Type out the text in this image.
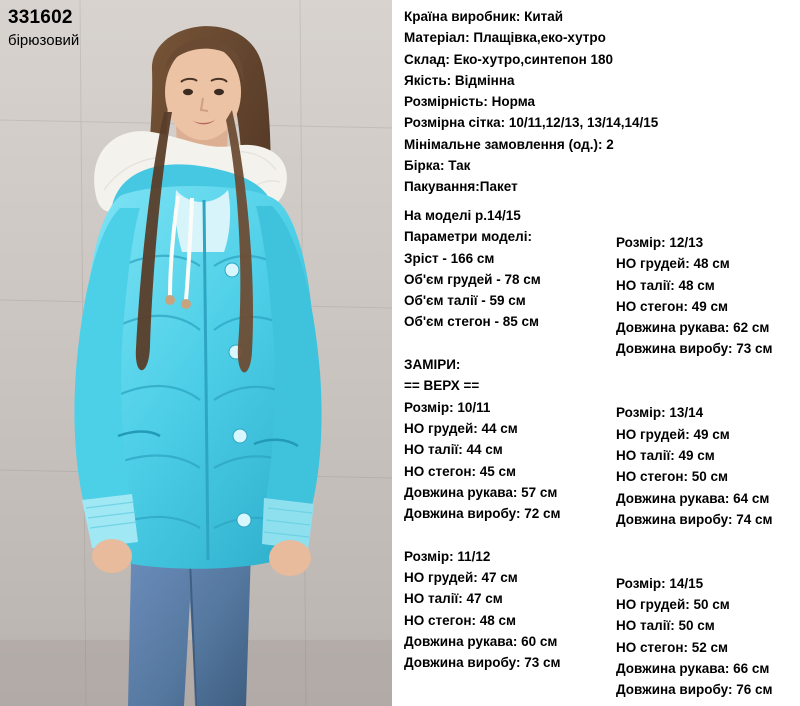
331602
бірюзовий
Країна виробник: Китай
Матеріал: Плащівка,еко-хутро
Склад: Еко-хутро,синтепон 180
Якість: Відмінна
Розмірність: Норма
Розмірна сітка: 10/11,12/13, 13/14,14/15
Мінімальне замовлення (од.): 2
Бірка: Так
Пакування:Пакет
На моделі р.14/15
Параметри моделі:
Зріст - 166 см
Об'єм грудей - 78 см
Об'єм талії - 59 см
Об'єм стегон - 85 см
ЗАМІРИ:
== ВЕРХ ==
Розмір: 10/11
НО грудей: 44 см
НО талії: 44 см
НО стегон: 45 см
Довжина рукава: 57 см
Довжина виробу: 72 см
Розмір: 11/12
НО грудей: 47 см
НО талії: 47 см
НО стегон: 48 см
Довжина рукава: 60 см
Довжина виробу: 73 см
Розмір: 12/13
НО грудей: 48 см
НО талії: 48 см
НО стегон: 49 см
Довжина рукава: 62 см
Довжина виробу: 73 см
Розмір: 13/14
НО грудей: 49 см
НО талії: 49 см
НО стегон: 50 см
Довжина рукава: 64 см
Довжина виробу: 74 см
Розмір: 14/15
НО грудей: 50 см
НО талії: 50 см
НО стегон: 52 см
Довжина рукава: 66 см
Довжина виробу: 76 см
